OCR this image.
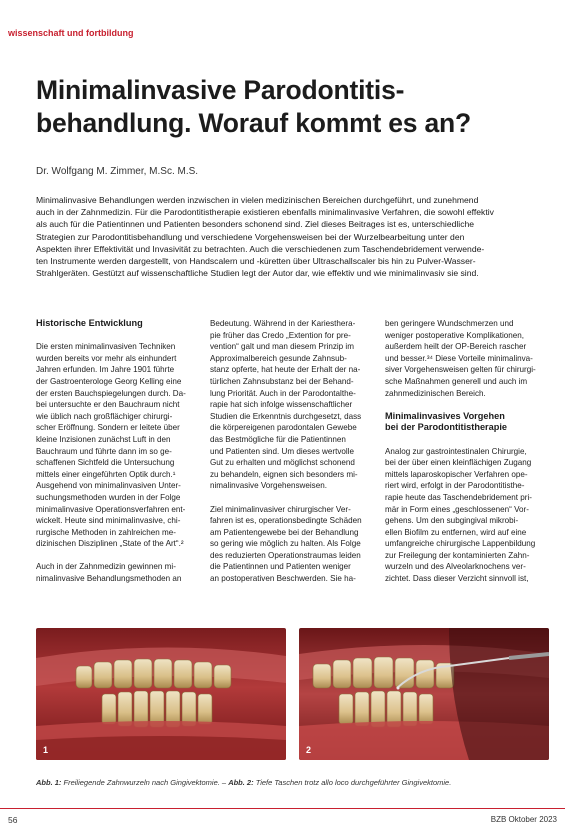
wissenschaft und fortbildung
Minimalinvasive Parodontitis-
behandlung. Worauf kommt es an?
Dr. Wolfgang M. Zimmer, M.Sc. M.S.

Minimalinvasive Behandlungen werden inzwischen in vielen medizinischen Bereichen durchgeführt, und zunehmend
auch in der Zahnmedizin. Für die Parodontitistherapie existieren ebenfalls minimalinvasive Verfahren, die sowohl effektiv
als auch für die Patientinnen und Patienten besonders schonend sind. Ziel dieses Beitrages ist es, unterschiedliche
Strategien zur Parodontitisbehandlung und verschiedene Vorgehensweisen bei der Wurzelbearbeitung unter den
Aspekten ihrer Effektivität und Invasivität zu betrachten. Auch die verschiedenen zum Taschendebridement verwende-
ten Instrumente werden dargestellt, von Handscalern und -küretten über Ultraschallscaler bis hin zu Pulver-Wasser-
Strahlgeräten. Gestützt auf wissenschaftliche Studien legt der Autor dar, wie effektiv und wie minimalinvasiv sie sind.

Historische Entwicklung
Die ersten minimalinvasiven Techniken
wurden bereits vor mehr als einhundert
Jahren erfunden. Im Jahre 1901 führte
der Gastroenterologe Georg Kelling eine
der ersten Bauchspiegelungen durch. Da-
bei untersuchte er den Bauchraum nicht
wie üblich nach großflächiger chirurgi-
scher Eröffnung. Sondern er leitete über
kleine Inzisionen zunächst Luft in den
Bauchraum und führte dann im so ge-
schaffenen Sichtfeld die Untersuchung
mittels einer eingeführten Optik durch.¹
Ausgehend von minimalinvasiven Unter-
suchungsmethoden wurden in der Folge
minimalinvasive Operationsverfahren ent-
wickelt. Heute sind minimalinvasive, chi-
rurgische Methoden in zahlreichen me-
dizinischen Disziplinen „State of the Art“.²
Auch in der Zahnmedizin gewinnen mi-
nimalinvasive Behandlungsmethoden an
Bedeutung. Während in der Kariesthera-
pie früher das Credo „Extention for pre-
vention“ galt und man diesem Prinzip im
Approximalbereich gesunde Zahnsub-
stanz opferte, hat heute der Erhalt der na-
türlichen Zahnsubstanz bei der Behand-
lung Priorität. Auch in der Parodontalthe-
rapie hat sich infolge wissenschaftlicher
Studien die Erkenntnis durchgesetzt, dass
die körpereigenen parodontalen Gewebe
das Bestmögliche für die Patientinnen
und Patienten sind. Um dieses wertvolle
Gut zu erhalten und möglichst schonend
zu behandeln, eignen sich besonders mi-
nimalinvasive Vorgehensweisen.
Ziel minimalinvasiver chirurgischer Ver-
fahren ist es, operationsbedingte Schäden
am Patientengewebe bei der Behandlung
so gering wie möglich zu halten. Als Folge
des reduzierten Operationstraumas leiden
die Patientinnen und Patienten weniger
an postoperativen Beschwerden. Sie ha-
ben geringere Wundschmerzen und
weniger postoperative Komplikationen,
außerdem heilt der OP-Bereich rascher
und besser.³⁴ Diese Vorteile minimalinva-
siver Vorgehensweisen gelten für chirurgi-
sche Maßnahmen generell und auch im
zahnmedizinischen Bereich.
Minimalinvasives Vorgehen
bei der Parodontitistherapie
Analog zur gastrointestinalen Chirurgie,
bei der über einen kleinflächigen Zugang
mittels laparoskopischer Verfahren ope-
riert wird, erfolgt in der Parodontitisthe-
rapie heute das Taschendebridement pri-
mär in Form eines „geschlossenen“ Vor-
gehens. Um den subgingival mikrobi-
ellen Biofilm zu entfernen, wird auf eine
umfangreiche chirurgische Lappenbildung
zur Freilegung der kontaminierten Zahn-
wurzeln und des Alveolarknochens ver-
zichtet. Dass dieser Verzicht sinnvoll ist,
1	2
Abb. 1: Freiliegende Zahnwurzeln nach Gingivektomie. – Abb. 2: Tiefe Taschen trotz allo loco durchgeführter Gingivektomie.
56	BZB Oktober 2023
